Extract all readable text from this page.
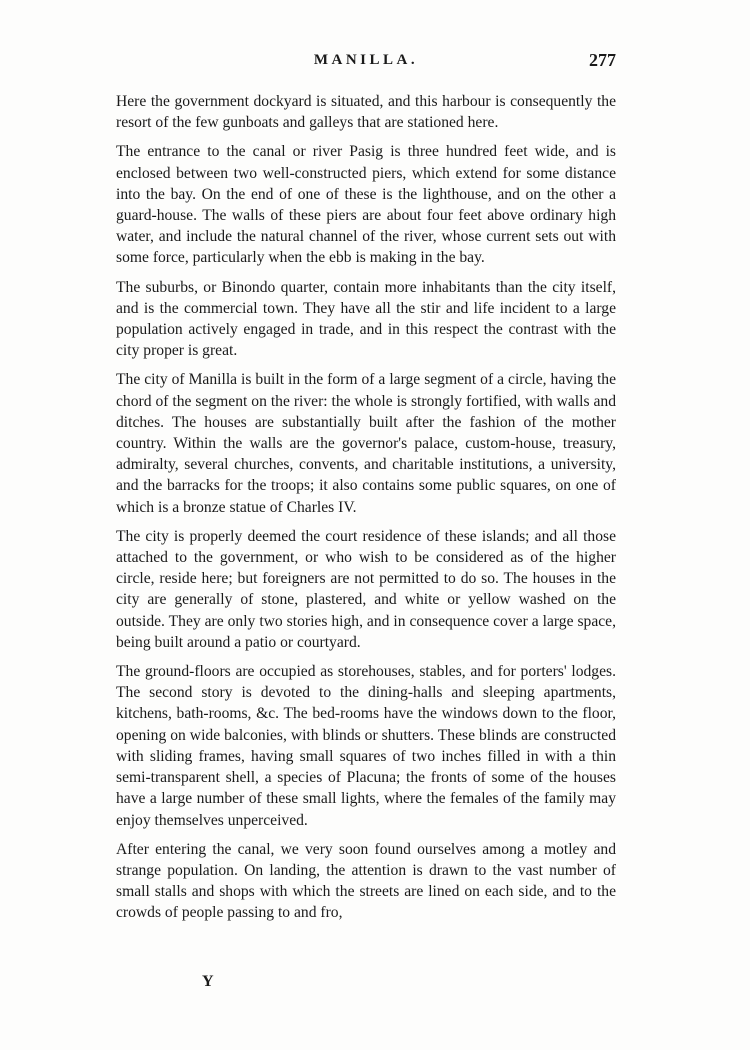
MANILLA.	277

Here the government dockyard is situated, and this harbour is consequently the resort of the few gunboats and galleys that are stationed here.

The entrance to the canal or river Pasig is three hundred feet wide, and is enclosed between two well-constructed piers, which extend for some distance into the bay. On the end of one of these is the lighthouse, and on the other a guard-house. The walls of these piers are about four feet above ordinary high water, and include the natural channel of the river, whose current sets out with some force, particularly when the ebb is making in the bay.

The suburbs, or Binondo quarter, contain more inhabitants than the city itself, and is the commercial town. They have all the stir and life incident to a large population actively engaged in trade, and in this respect the contrast with the city proper is great.

The city of Manilla is built in the form of a large segment of a circle, having the chord of the segment on the river: the whole is strongly fortified, with walls and ditches. The houses are substantially built after the fashion of the mother country. Within the walls are the governor's palace, custom-house, treasury, admiralty, several churches, convents, and charitable institutions, a university, and the barracks for the troops; it also contains some public squares, on one of which is a bronze statue of Charles IV.

The city is properly deemed the court residence of these islands; and all those attached to the government, or who wish to be considered as of the higher circle, reside here; but foreigners are not permitted to do so. The houses in the city are generally of stone, plastered, and white or yellow washed on the outside. They are only two stories high, and in consequence cover a large space, being built around a patio or courtyard.

The ground-floors are occupied as storehouses, stables, and for porters' lodges. The second story is devoted to the dining-halls and sleeping apartments, kitchens, bath-rooms, &c. The bed-rooms have the windows down to the floor, opening on wide balconies, with blinds or shutters. These blinds are constructed with sliding frames, having small squares of two inches filled in with a thin semi-transparent shell, a species of Placuna; the fronts of some of the houses have a large number of these small lights, where the females of the family may enjoy themselves unperceived.

After entering the canal, we very soon found ourselves among a motley and strange population. On landing, the attention is drawn to the vast number of small stalls and shops with which the streets are lined on each side, and to the crowds of people passing to and fro,

Y
